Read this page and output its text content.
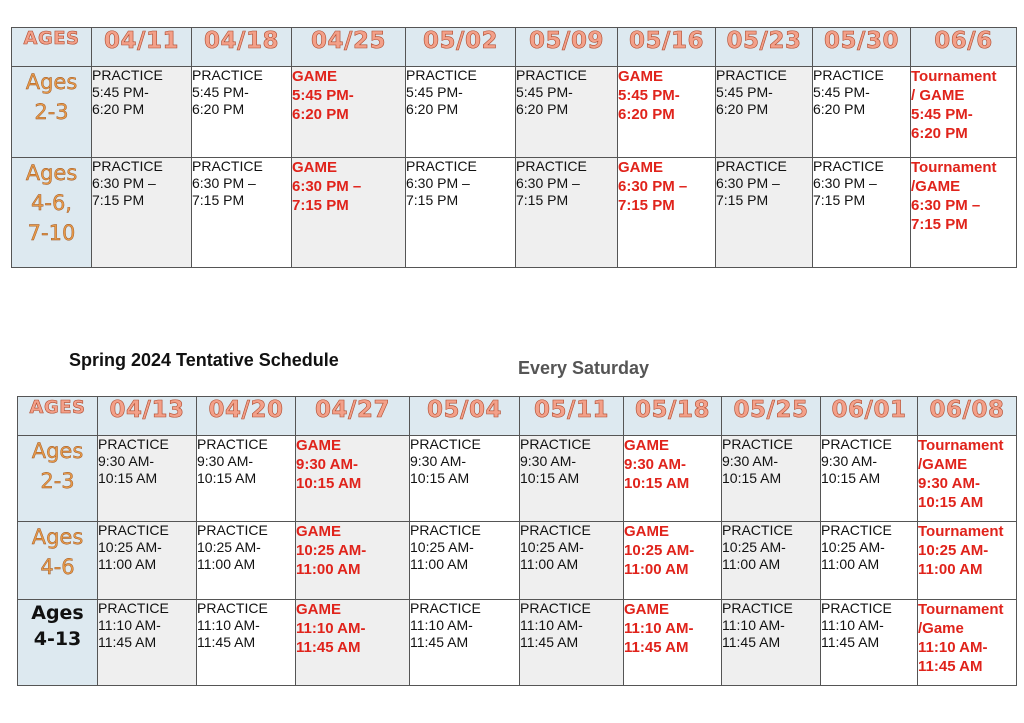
AGES	04/11	04/18	04/25	05/02	05/09	05/16	05/23	05/30	06/6

Ages
2-3	PRACTICE
5:45 PM-
6:20 PM	PRACTICE
5:45 PM-
6:20 PM	GAME
5:45 PM-
6:20 PM	PRACTICE
5:45 PM-
6:20 PM	PRACTICE
5:45 PM-
6:20 PM	GAME
5:45 PM-
6:20 PM	PRACTICE
5:45 PM-
6:20 PM	PRACTICE
5:45 PM-
6:20 PM	Tournament
/ GAME
5:45 PM-
6:20 PM

Ages
4-6,
7-10	PRACTICE
6:30 PM –
7:15 PM	PRACTICE
6:30 PM –
7:15 PM	GAME
6:30 PM –
7:15 PM	PRACTICE
6:30 PM –
7:15 PM	PRACTICE
6:30 PM –
7:15 PM	GAME
6:30 PM –
7:15 PM	PRACTICE
6:30 PM –
7:15 PM	PRACTICE
6:30 PM –
7:15 PM	Tournament
/GAME
6:30 PM –
7:15 PM
Spring 2024 Tentative Schedule	Every Saturday
AGES	04/13	04/20	04/27	05/04	05/11	05/18	05/25	06/01	06/08

Ages
2-3	PRACTICE
9:30 AM-
10:15 AM	PRACTICE
9:30 AM-
10:15 AM	GAME
9:30 AM-
10:15 AM	PRACTICE
9:30 AM-
10:15 AM	PRACTICE
9:30 AM-
10:15 AM	GAME
9:30 AM-
10:15 AM	PRACTICE
9:30 AM-
10:15 AM	PRACTICE
9:30 AM-
10:15 AM	Tournament
/GAME
9:30 AM-
10:15 AM

Ages
4-6	PRACTICE
10:25 AM-
11:00 AM	PRACTICE
10:25 AM-
11:00 AM	GAME
10:25 AM-
11:00 AM	PRACTICE
10:25 AM-
11:00 AM	PRACTICE
10:25 AM-
11:00 AM	GAME
10:25 AM-
11:00 AM	PRACTICE
10:25 AM-
11:00 AM	PRACTICE
10:25 AM-
11:00 AM	Tournament
10:25 AM-
11:00 AM

Ages
4-13	PRACTICE
11:10 AM-
11:45 AM	PRACTICE
11:10 AM-
11:45 AM	GAME
11:10 AM-
11:45 AM	PRACTICE
11:10 AM-
11:45 AM	PRACTICE
11:10 AM-
11:45 AM	GAME
11:10 AM-
11:45 AM	PRACTICE
11:10 AM-
11:45 AM	PRACTICE
11:10 AM-
11:45 AM	Tournament
/Game
11:10 AM-
11:45 AM
